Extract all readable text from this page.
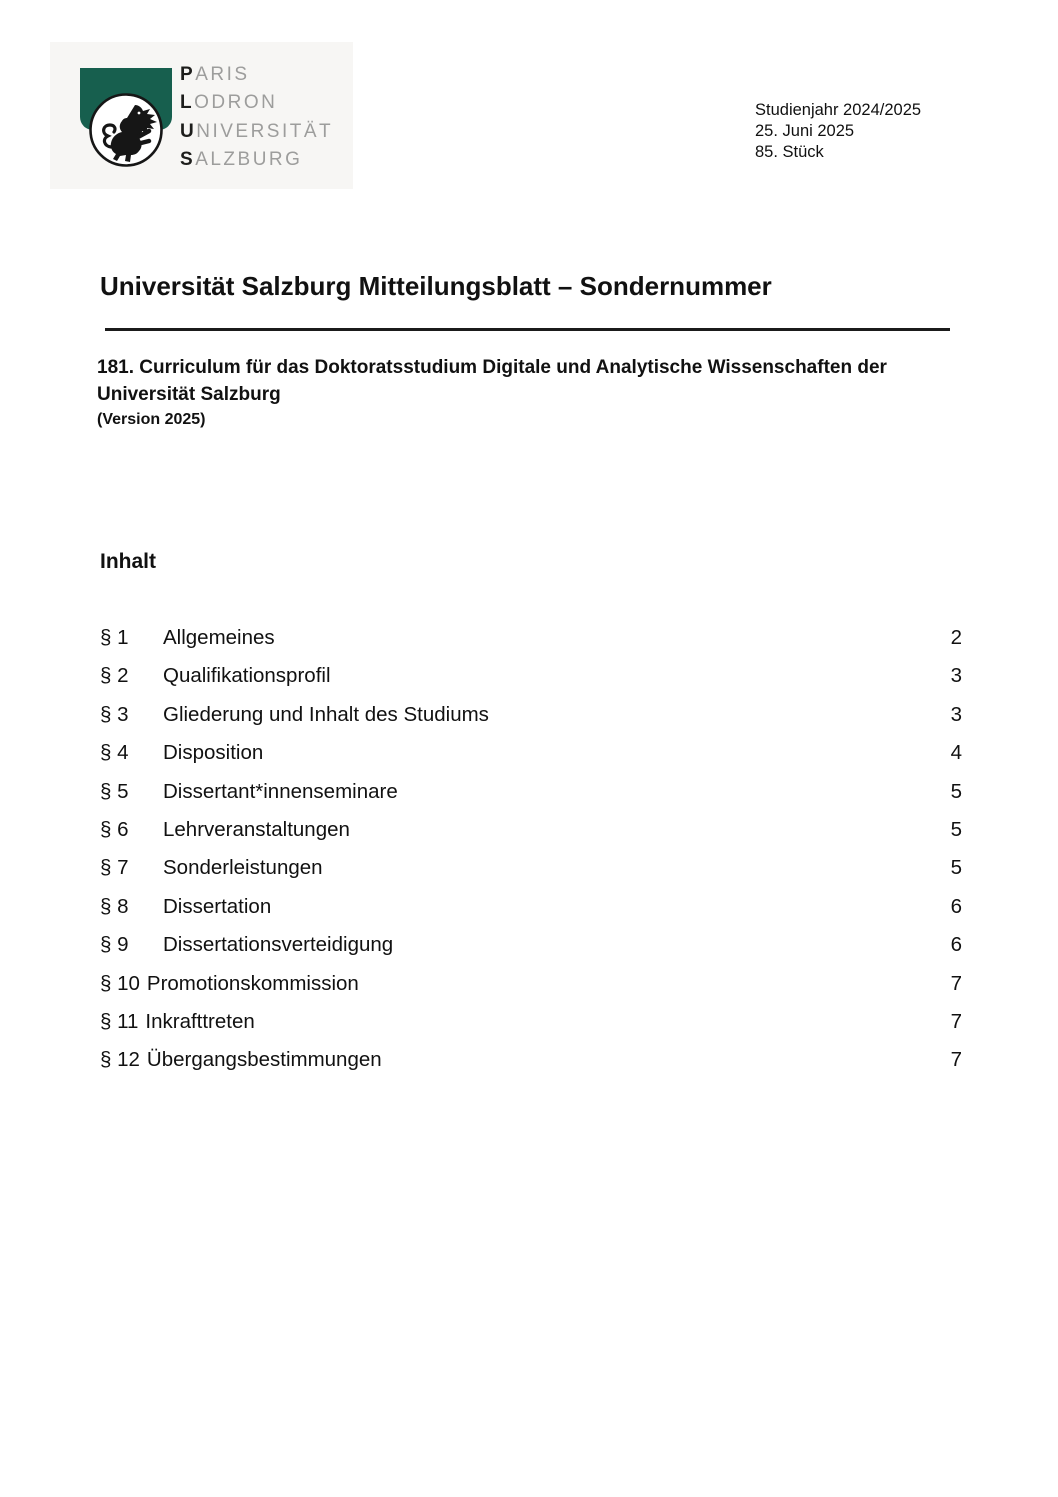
PARIS
LODRON
UNIVERSITÄT
SALZBURG
Studienjahr 2024/2025
25. Juni 2025
85. Stück
Universität Salzburg Mitteilungsblatt – Sondernummer
181. Curriculum für das Doktoratsstudium Digitale und Analytische Wissenschaften der Universität Salzburg
(Version 2025)
Inhalt
§ 1	Allgemeines	2
§ 2	Qualifikationsprofil	3
§ 3	Gliederung und Inhalt des Studiums	3
§ 4	Disposition	4
§ 5	Dissertant*innenseminare	5
§ 6	Lehrveranstaltungen	5
§ 7	Sonderleistungen	5
§ 8	Dissertation	6
§ 9	Dissertationsverteidigung	6
§ 10 Promotionskommission	7
§ 11 Inkrafttreten	7
§ 12 Übergangsbestimmungen	7
